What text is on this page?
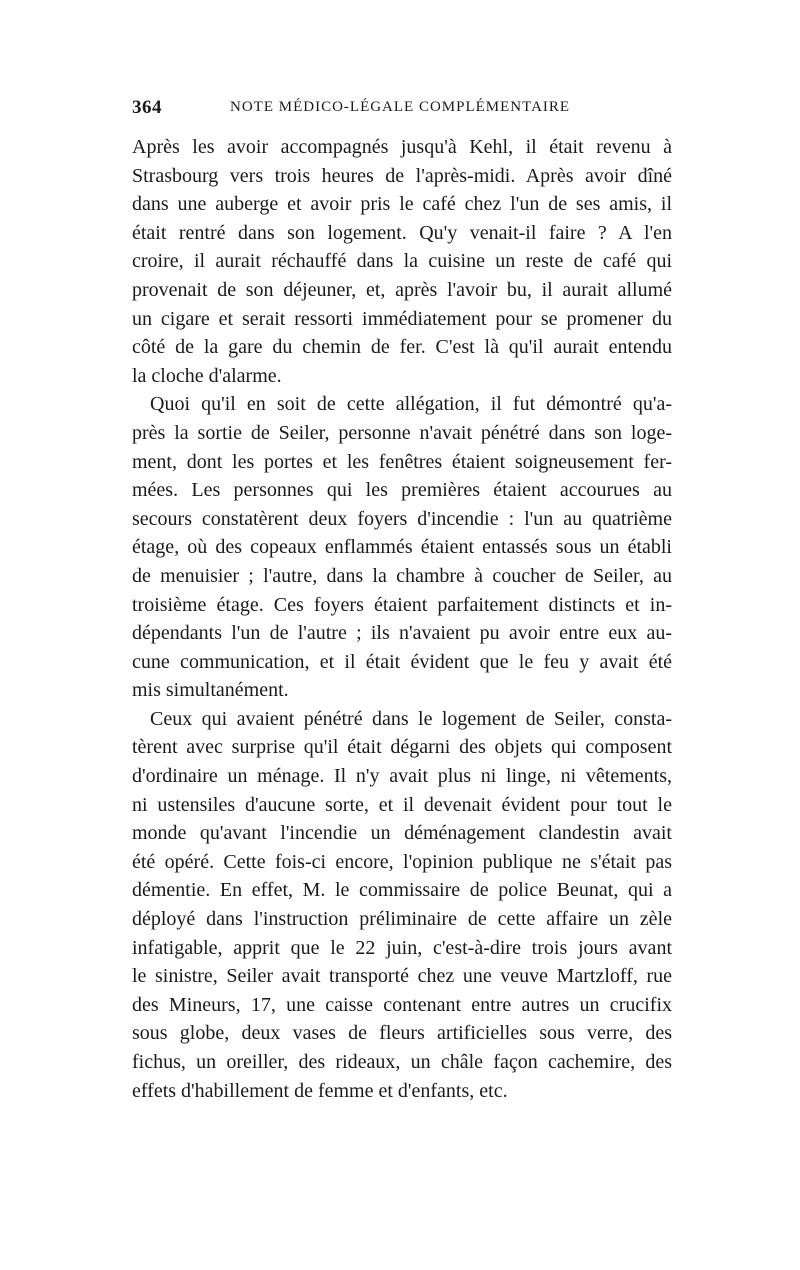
364	NOTE MÉDICO-LÉGALE COMPLÉMENTAIRE
Après les avoir accompagnés jusqu'à Kehl, il était revenu à
Strasbourg vers trois heures de l'après-midi. Après avoir dîné
dans une auberge et avoir pris le café chez l'un de ses amis, il
était rentré dans son logement. Qu'y venait-il faire ? A l'en
croire, il aurait réchauffé dans la cuisine un reste de café qui
provenait de son déjeuner, et, après l'avoir bu, il aurait allumé
un cigare et serait ressorti immédiatement pour se promener du
côté de la gare du chemin de fer. C'est là qu'il aurait entendu
la cloche d'alarme.
Quoi qu'il en soit de cette allégation, il fut démontré qu'a-
près la sortie de Seiler, personne n'avait pénétré dans son loge-
ment, dont les portes et les fenêtres étaient soigneusement fer-
mées. Les personnes qui les premières étaient accourues au
secours constatèrent deux foyers d'incendie : l'un au quatrième
étage, où des copeaux enflammés étaient entassés sous un établi
de menuisier ; l'autre, dans la chambre à coucher de Seiler, au
troisième étage. Ces foyers étaient parfaitement distincts et in-
dépendants l'un de l'autre ; ils n'avaient pu avoir entre eux au-
cune communication, et il était évident que le feu y avait été
mis simultanément.
Ceux qui avaient pénétré dans le logement de Seiler, consta-
tèrent avec surprise qu'il était dégarni des objets qui composent
d'ordinaire un ménage. Il n'y avait plus ni linge, ni vêtements,
ni ustensiles d'aucune sorte, et il devenait évident pour tout le
monde qu'avant l'incendie un déménagement clandestin avait
été opéré. Cette fois-ci encore, l'opinion publique ne s'était pas
démentie. En effet, M. le commissaire de police Beunat, qui a
déployé dans l'instruction préliminaire de cette affaire un zèle
infatigable, apprit que le 22 juin, c'est-à-dire trois jours avant
le sinistre, Seiler avait transporté chez une veuve Martzloff, rue
des Mineurs, 17, une caisse contenant entre autres un crucifix
sous globe, deux vases de fleurs artificielles sous verre, des
fichus, un oreiller, des rideaux, un châle façon cachemire, des
effets d'habillement de femme et d'enfants, etc.
